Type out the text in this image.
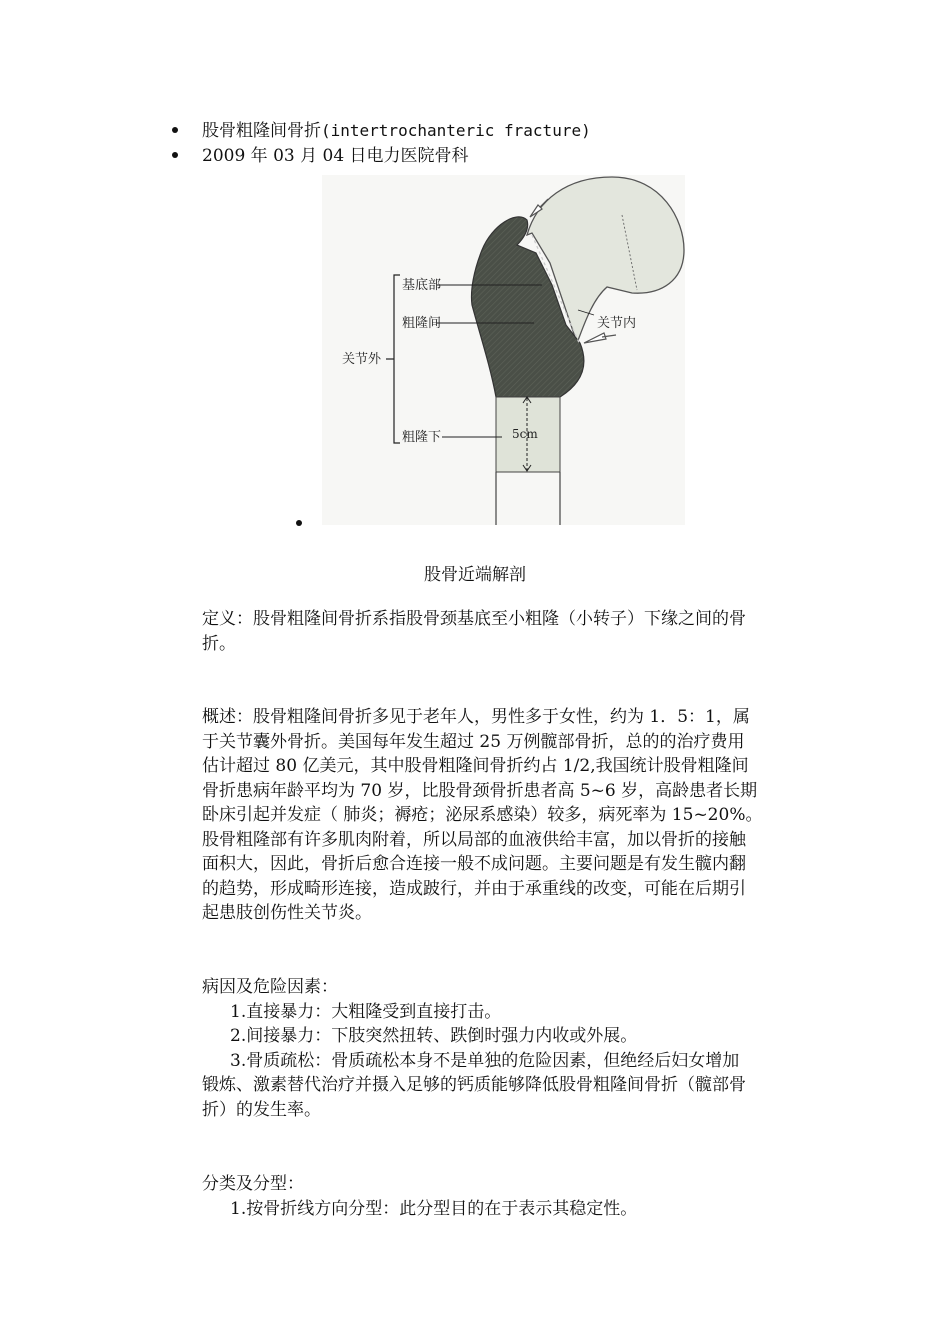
股骨粗隆间骨折(intertrochanteric fracture)
2009 年 03 月 04 日电力医院骨科
基底部
粗隆间
关节外
关节内
粗隆下	5cm
股骨近端解剖
定义：股骨粗隆间骨折系指股骨颈基底至小粗隆（小转子）下缘之间的骨
折。
概述：股骨粗隆间骨折多见于老年人，男性多于女性，约为 1．5：1，属
于关节囊外骨折。美国每年发生超过 25 万例髋部骨折，总的的治疗费用
估计超过 80 亿美元，其中股骨粗隆间骨折约占 1/2,我国统计股骨粗隆间
骨折患病年龄平均为 70 岁，比股骨颈骨折患者高 5~6 岁，高龄患者长期
卧床引起并发症（ 肺炎；褥疮；泌尿系感染）较多，病死率为 15~20%。
股骨粗隆部有许多肌肉附着，所以局部的血液供给丰富，加以骨折的接触
面积大，因此，骨折后愈合连接一般不成问题。主要问题是有发生髋内翻
的趋势，形成畸形连接，造成跛行，并由于承重线的改变，可能在后期引
起患肢创伤性关节炎。
病因及危险因素：
1.直接暴力：大粗隆受到直接打击。
2.间接暴力：下肢突然扭转、跌倒时强力内收或外展。
3.骨质疏松：骨质疏松本身不是单独的危险因素，但绝经后妇女增加
锻炼、激素替代治疗并摄入足够的钙质能够降低股骨粗隆间骨折（髋部骨
折）的发生率。
分类及分型：
1.按骨折线方向分型：此分型目的在于表示其稳定性。
